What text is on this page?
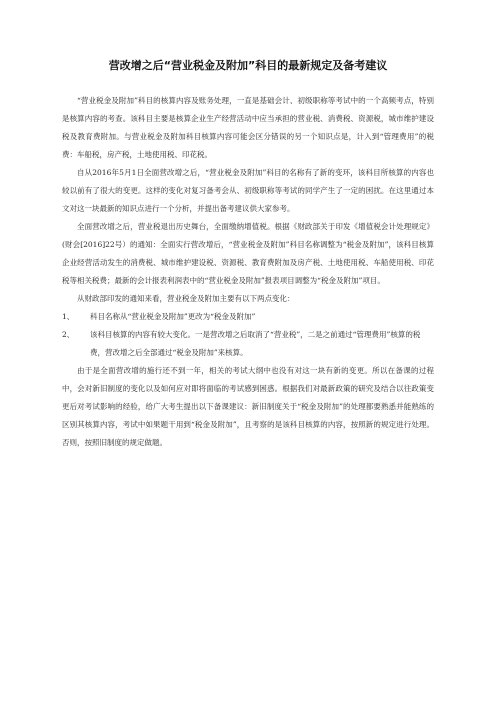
营改增之后“营业税金及附加”科目的最新规定及备考建议

“营业税金及附加”科目的核算内容及账务处理，一直是基础会计、初级职称等考试中的一个高频考点，特别是核算内容的考查。该科目主要是核算企业生产经营活动中应当承担的营业税、消费税、资源税，城市维护建设税及教育费附加。与营业税金及附加科目核算内容可能会区分错误的另一个知识点是，计入到“管理费用”的税费：车船税，房产税，土地使用税、印花税。

自从2016年5月1日全面营改增之后，“营业税金及附加”科目的名称有了新的变环，该科目所核算的内容也较以前有了很大的变更。这样的变化对复习备考会从、初级职称等考试的同学产生了一定的困扰。在这里通过本文对这一块最新的知识点进行一个分析，并提出备考建议供大家参考。

全面营改增之后，营业税退出历史舞台，全面缴纳增值税。根据《财政部关于印发《增值税会计处理规定》(财会[2016]22号）的通知：全面实行营改增后，“营业税金及附加”科目名称调整为“税金及附加”，该科目核算企业经营活动发生的消费税、城市维护建设税、资源税、教育费附加及房产税、土地使用税、车船使用税、印花税等相关税费；最新的会计报表利润表中的“营业税金及附加”报表项目调整为“税金及附加”项目。

从财政部印发的通知来看，营业税金及附加主要有以下两点变化：

1、 科目名称从“营业税金及附加”更改为“税金及附加”

2、 该科目核算的内容有较大变化。一是营改增之后取消了“营业税”，二是之前通过“管理费用”核算的税费，营改增之后全部通过“税金及附加”来核算。

由于是全面营改增的施行还不到一年，相关的考试大纲中也没有对这一块有新的变更。所以在备课的过程中，会对新旧制度的变化以及如何应对即将面临的考试感到困惑。根据我们对最新政策的研究及结合以往政策变更后对考试影响的经验，给广大考生提出以下备课建议：新旧制度关于“税金及附加”的处理都要熟悉并能熟练的区别其核算内容，考试中如果题干用到“税金及附加”，且考察的是该科目核算的内容，按照新的规定进行处理。否则，按照旧制度的规定做题。
